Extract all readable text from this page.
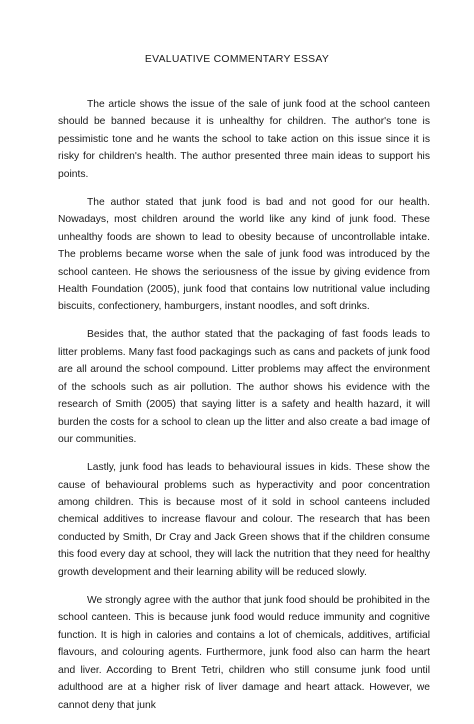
EVALUATIVE COMMENTARY ESSAY

The article shows the issue of the sale of junk food at the school canteen should be banned because it is unhealthy for children. The author's tone is pessimistic tone and he wants the school to take action on this issue since it is risky for children's health. The author presented three main ideas to support his points.

The author stated that junk food is bad and not good for our health. Nowadays, most children around the world like any kind of junk food. These unhealthy foods are shown to lead to obesity because of uncontrollable intake. The problems became worse when the sale of junk food was introduced by the school canteen. He shows the seriousness of the issue by giving evidence from Health Foundation (2005), junk food that contains low nutritional value including biscuits, confectionery, hamburgers, instant noodles, and soft drinks.

Besides that, the author stated that the packaging of fast foods leads to litter problems. Many fast food packagings such as cans and packets of junk food are all around the school compound. Litter problems may affect the environment of the schools such as air pollution. The author shows his evidence with the research of Smith (2005) that saying litter is a safety and health hazard, it will burden the costs for a school to clean up the litter and also create a bad image of our communities.

Lastly, junk food has leads to behavioural issues in kids. These show the cause of behavioural problems such as hyperactivity and poor concentration among children. This is because most of it sold in school canteens included chemical additives to increase flavour and colour. The research that has been conducted by Smith, Dr Cray and Jack Green shows that if the children consume this food every day at school, they will lack the nutrition that they need for healthy growth development and their learning ability will be reduced slowly.

We strongly agree with the author that junk food should be prohibited in the school canteen. This is because junk food would reduce immunity and cognitive function. It is high in calories and contains a lot of chemicals, additives, artificial flavours, and colouring agents. Furthermore, junk food also can harm the heart and liver. According to Brent Tetri, children who still consume junk food until adulthood are at a higher risk of liver damage and heart attack. However, we cannot deny that junk
